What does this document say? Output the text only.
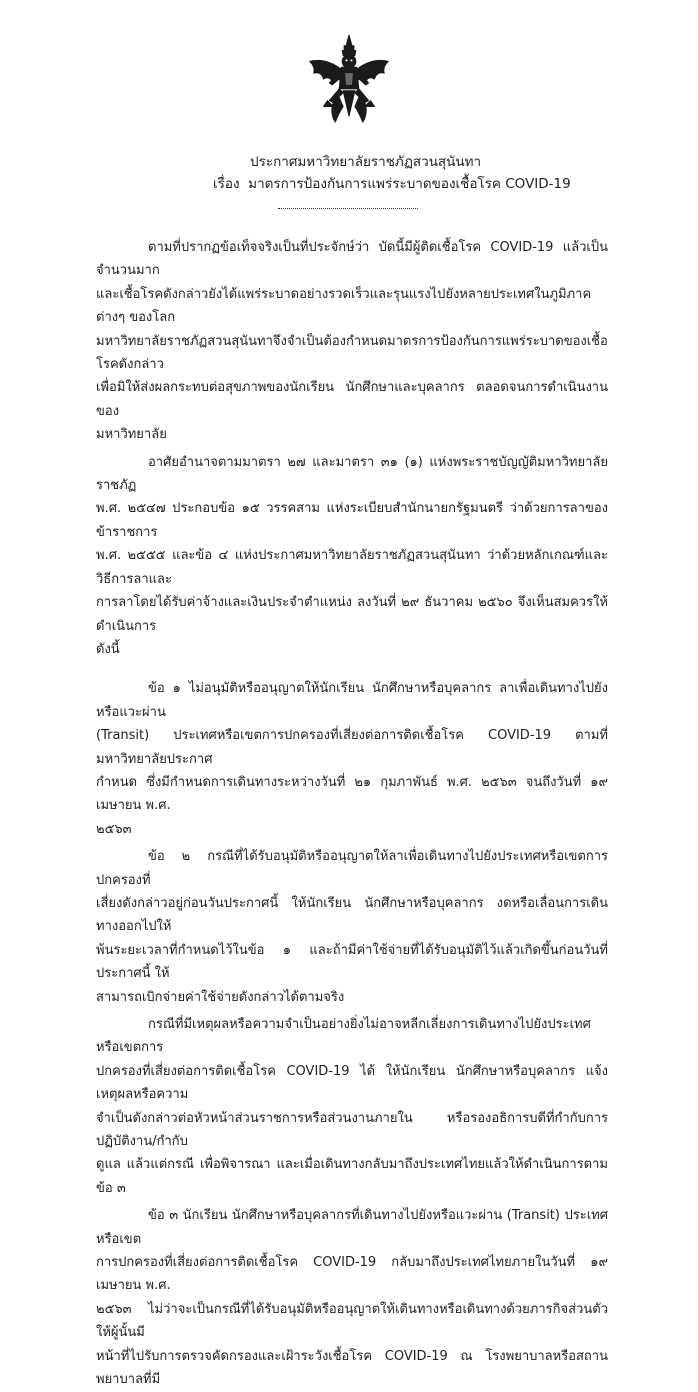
ประกาศมหาวิทยาลัยราชภัฏสวนสุนันทา
เรื่อง มาตรการป้องกันการแพร่ระบาดของเชื้อโรค COVID-19

ตามที่ปรากฏข้อเท็จจริงเป็นที่ประจักษ์ว่า บัดนี้มีผู้ติดเชื้อโรค COVID-19 แล้วเป็นจำนวนมาก
และเชื้อโรคดังกล่าวยังได้แพร่ระบาดอย่างรวดเร็วและรุนแรงไปยังหลายประเทศในภูมิภาคต่างๆ ของโลก
มหาวิทยาลัยราชภัฏสวนสุนันทาจึงจำเป็นต้องกำหนดมาตรการป้องกันการแพร่ระบาดของเชื้อโรคดังกล่าว
เพื่อมิให้ส่งผลกระทบต่อสุขภาพของนักเรียน นักศึกษาและบุคลากร ตลอดจนการดำเนินงานของ
มหาวิทยาลัย

อาศัยอำนาจตามมาตรา ๒๗ และมาตรา ๓๑ (๑) แห่งพระราชบัญญัติมหาวิทยาลัยราชภัฏ
พ.ศ. ๒๕๔๗ ประกอบข้อ ๑๕ วรรคสาม แห่งระเบียบสำนักนายกรัฐมนตรี ว่าด้วยการลาของข้าราชการ
พ.ศ. ๒๕๕๕ และข้อ ๔ แห่งประกาศมหาวิทยาลัยราชภัฏสวนสุนันทา ว่าด้วยหลักเกณฑ์และวิธีการลาและ
การลาโดยได้รับค่าจ้างและเงินประจำตำแหน่ง ลงวันที่ ๒๙ ธันวาคม ๒๕๖๐ จึงเห็นสมควรให้ดำเนินการ
ดังนี้

ข้อ ๑ ไม่อนุมัติหรืออนุญาตให้นักเรียน นักศึกษาหรือบุคลากร ลาเพื่อเดินทางไปยังหรือแวะผ่าน
(Transit) ประเทศหรือเขตการปกครองที่เสี่ยงต่อการติดเชื้อโรค COVID-19 ตามที่มหาวิทยาลัยประกาศ
กำหนด ซึ่งมีกำหนดการเดินทางระหว่างวันที่ ๒๑ กุมภาพันธ์ พ.ศ. ๒๕๖๓ จนถึงวันที่ ๑๙ เมษายน พ.ศ.
๒๕๖๓

ข้อ ๒ กรณีที่ได้รับอนุมัติหรืออนุญาตให้ลาเพื่อเดินทางไปยังประเทศหรือเขตการปกครองที่
เสี่ยงดังกล่าวอยู่ก่อนวันประกาศนี้ ให้นักเรียน นักศึกษาหรือบุคลากร งดหรือเลื่อนการเดินทางออกไปให้
พ้นระยะเวลาที่กำหนดไว้ในข้อ ๑ และถ้ามีค่าใช้จ่ายที่ได้รับอนุมัติไว้แล้วเกิดขึ้นก่อนวันที่ประกาศนี้ ให้
สามารถเบิกจ่ายค่าใช้จ่ายดังกล่าวได้ตามจริง

กรณีที่มีเหตุผลหรือความจำเป็นอย่างยิ่งไม่อาจหลีกเลี่ยงการเดินทางไปยังประเทศหรือเขตการ
ปกครองที่เสี่ยงต่อการติดเชื้อโรค COVID-19 ได้ ให้นักเรียน นักศึกษาหรือบุคลากร แจ้งเหตุผลหรือความ
จำเป็นดังกล่าวต่อหัวหน้าส่วนราชการหรือส่วนงานภายใน หรือรองอธิการบดีที่กำกับการปฏิบัติงาน/กำกับ
ดูแล แล้วแต่กรณี เพื่อพิจารณา และเมื่อเดินทางกลับมาถึงประเทศไทยแล้วให้ดำเนินการตามข้อ ๓

ข้อ ๓ นักเรียน นักศึกษาหรือบุคลากรที่เดินทางไปยังหรือแวะผ่าน (Transit) ประเทศหรือเขต
การปกครองที่เสี่ยงต่อการติดเชื้อโรค COVID-19 กลับมาถึงประเทศไทยภายในวันที่ ๑๙ เมษายน พ.ศ.
๒๕๖๓ ไม่ว่าจะเป็นกรณีที่ได้รับอนุมัติหรืออนุญาตให้เดินทางหรือเดินทางด้วยภารกิจส่วนตัว ให้ผู้นั้นมี
หน้าที่ไปรับการตรวจคัดกรองและเฝ้าระวังเชื้อโรค COVID-19 ณ โรงพยาบาลหรือสถานพยาบาลที่มี
